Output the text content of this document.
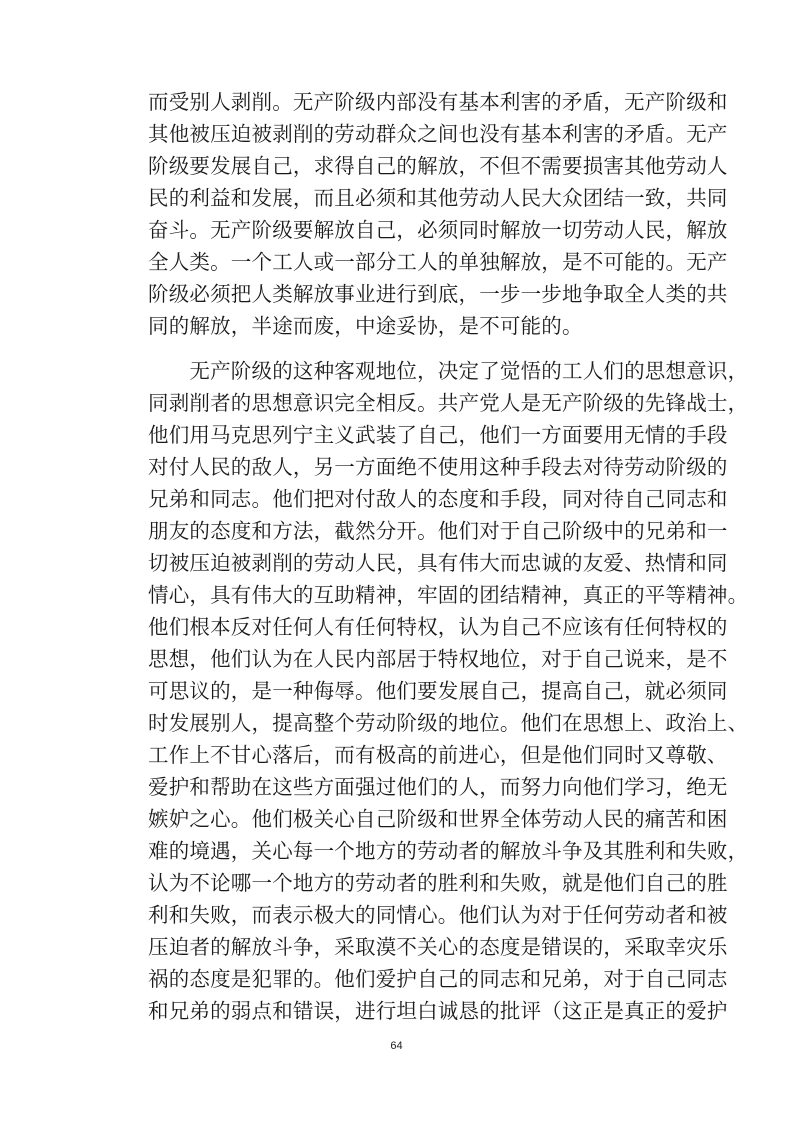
而受别人剥削。无产阶级内部没有基本利害的矛盾，无产阶级和
其他被压迫被剥削的劳动群众之间也没有基本利害的矛盾。无产
阶级要发展自己，求得自己的解放，不但不需要损害其他劳动人
民的利益和发展，而且必须和其他劳动人民大众团结一致，共同
奋斗。无产阶级要解放自己，必须同时解放一切劳动人民，解放
全人类。一个工人或一部分工人的单独解放，是不可能的。无产
阶级必须把人类解放事业进行到底，一步一步地争取全人类的共
同的解放，半途而废，中途妥协，是不可能的。
　　无产阶级的这种客观地位，决定了觉悟的工人们的思想意识，
同剥削者的思想意识完全相反。共产党人是无产阶级的先锋战士，
他们用马克思列宁主义武装了自己，他们一方面要用无情的手段
对付人民的敌人，另一方面绝不使用这种手段去对待劳动阶级的
兄弟和同志。他们把对付敌人的态度和手段，同对待自己同志和
朋友的态度和方法，截然分开。他们对于自己阶级中的兄弟和一
切被压迫被剥削的劳动人民，具有伟大而忠诚的友爱、热情和同
情心，具有伟大的互助精神，牢固的团结精神，真正的平等精神。
他们根本反对任何人有任何特权，认为自己不应该有任何特权的
思想，他们认为在人民内部居于特权地位，对于自己说来，是不
可思议的，是一种侮辱。他们要发展自己，提高自己，就必须同
时发展别人，提高整个劳动阶级的地位。他们在思想上、政治上、
工作上不甘心落后，而有极高的前进心，但是他们同时又尊敬、
爱护和帮助在这些方面强过他们的人，而努力向他们学习，绝无
嫉妒之心。他们极关心自己阶级和世界全体劳动人民的痛苦和困
难的境遇，关心每一个地方的劳动者的解放斗争及其胜利和失败，
认为不论哪一个地方的劳动者的胜利和失败，就是他们自己的胜
利和失败，而表示极大的同情心。他们认为对于任何劳动者和被
压迫者的解放斗争，采取漠不关心的态度是错误的，采取幸灾乐
祸的态度是犯罪的。他们爱护自己的同志和兄弟，对于自己同志
和兄弟的弱点和错误，进行坦白诚恳的批评（这正是真正的爱护
64
